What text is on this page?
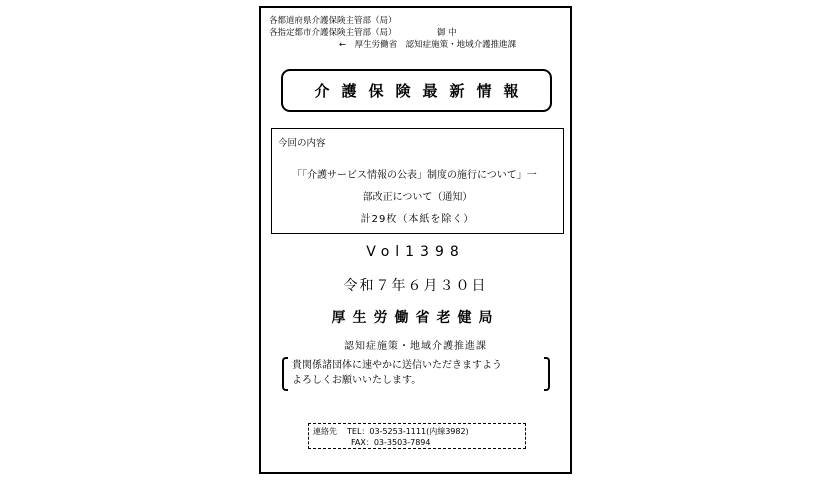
各都道府県介護保険主管部（局）
各指定都市介護保険主管部（局）	御 中
←　厚生労働省　認知症施策・地域介護推進課
介護保険最新情報
今回の内容
「「介護サービス情報の公表」制度の施行について」一
部改正について（通知）
計29枚（本紙を除く）
Vol1398
令和７年６月３０日
厚生労働省老健局
認知症施策・地域介護推進課
貴関係諸団体に速やかに送信いただきますよう
よろしくお願いいたします。
連絡先 TEL：03-5253-1111(内線3982)
FAX：03-3503-7894
